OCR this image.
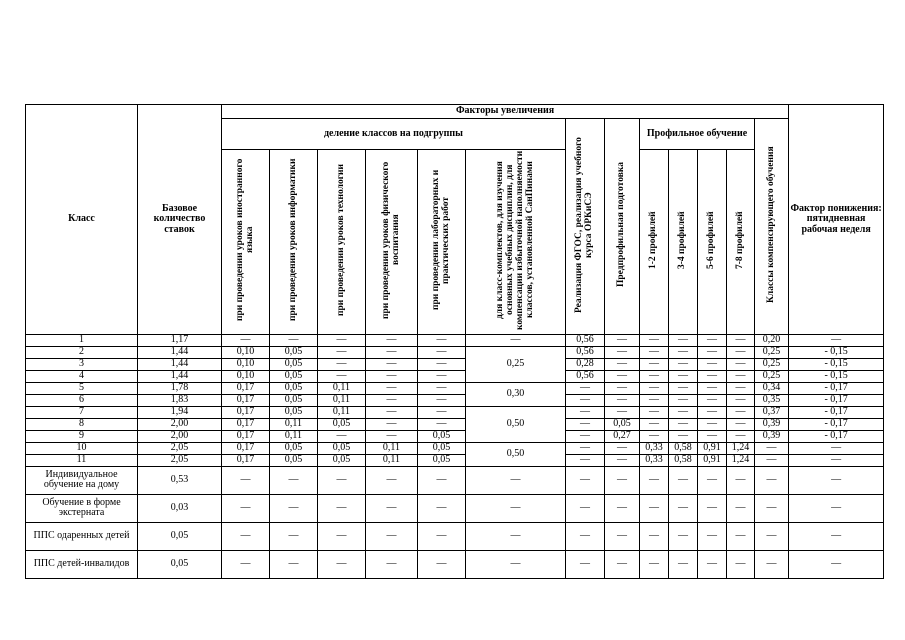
Класс	Базовое количество ставок	Факторы увеличения													Фактор понижения: пятидневная рабочая неделя
		деление классов на подгруппы						Реализация ФГОС, реализация учебного курса ОРКиСЭ	Предпрофильная подготовка	Профильное обучение				Классы компенсирующего обучения	
		при проведении уроков иностранного языка	при проведении уроков информатики	при проведении уроков технологии	при проведении уроков физического воспитания	при проведении лабораторных и практических работ	для класс-комплектов, для изучения основных учебных дисциплин, для компенсации избыточной наполняемости классов, установленной СанПинами			1-2 профилей	3-4 профилей	5-6 профилей	7-8 профилей		
1	1,17	—	—	—	—	—	—	0,56	—	—	—	—	—	0,20	—
2	1,44	0,10	0,05	—	—	—	0,25	0,56	—	—	—	—	—	0,25	- 0,15
3	1,44	0,10	0,05	—	—	—		0,28	—	—	—	—	—	0,25	- 0,15
4	1,44	0,10	0,05	—	—	—		0,56	—	—	—	—	—	0,25	- 0,15
5	1,78	0,17	0,05	0,11	—	—	0,30	—	—	—	—	—	—	0,34	- 0,17
6	1,83	0,17	0,05	0,11	—	—		—	—	—	—	—	—	0,35	- 0,17
7	1,94	0,17	0,05	0,11	—	—	0,50	—	—	—	—	—	—	0,37	- 0,17
8	2,00	0,17	0,11	0,05	—	—		—	0,05	—	—	—	—	0,39	- 0,17
9	2,00	0,17	0,11	—	—	0,05		—	0,27	—	—	—	—	0,39	- 0,17
10	2,05	0,17	0,05	0,05	0,11	0,05	0,50	—	—	0,33	0,58	0,91	1,24	—	—
11	2,05	0,17	0,05	0,05	0,11	0,05		—	—	0,33	0,58	0,91	1,24	—	—
Индивидуальное обучение на дому	0,53	—	—	—	—	—	—	—	—	—	—	—	—	—	—
Обучение в форме экстерната	0,03	—	—	—	—	—	—	—	—	—	—	—	—	—	—
ППС одаренных детей	0,05	—	—	—	—	—	—	—	—	—	—	—	—	—	—
ППС детей-инвалидов	0,05	—	—	—	—	—	—	—	—	—	—	—	—	—	—
